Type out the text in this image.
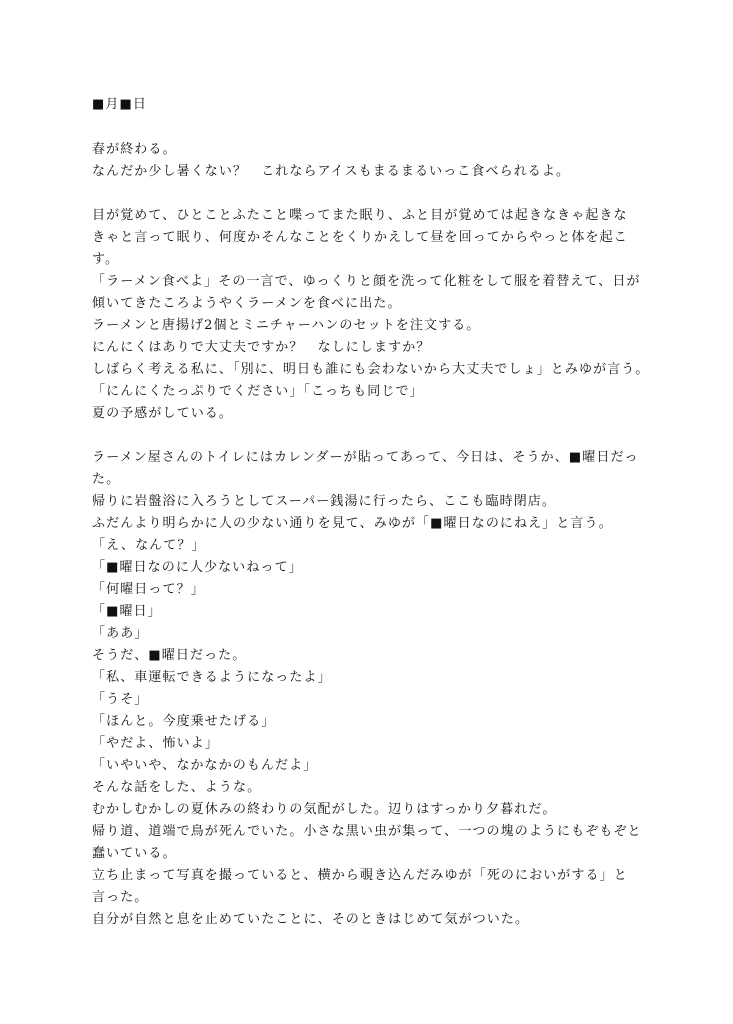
■月■日
春が終わる。
なんだか少し暑くない？　これならアイスもまるまるいっこ食べられるよ。
目が覚めて、ひとことふたこと喋ってまた眠り、ふと目が覚めては起きなきゃ起きな
きゃと言って眠り、何度かそんなことをくりかえして昼を回ってからやっと体を起こ
す。
「ラーメン食べよ」その一言で、ゆっくりと顔を洗って化粧をして服を着替えて、日が
傾いてきたころようやくラーメンを食べに出た。
ラーメンと唐揚げ2個とミニチャーハンのセットを注文する。
にんにくはありで大丈夫ですか？　なしにしますか？
しばらく考える私に、「別に、明日も誰にも会わないから大丈夫でしょ」とみゆが言う。
「にんにくたっぷりでください」「こっちも同じで」
夏の予感がしている。
ラーメン屋さんのトイレにはカレンダーが貼ってあって、今日は、そうか、■曜日だっ
た。
帰りに岩盤浴に入ろうとしてスーパー銭湯に行ったら、ここも臨時閉店。
ふだんより明らかに人の少ない通りを見て、みゆが「■曜日なのにねえ」と言う。
「え、なんて？」
「■曜日なのに人少ないねって」
「何曜日って？」
「■曜日」
「ああ」
そうだ、■曜日だった。
「私、車運転できるようになったよ」
「うそ」
「ほんと。今度乗せたげる」
「やだよ、怖いよ」
「いやいや、なかなかのもんだよ」
そんな話をした、ような。
むかしむかしの夏休みの終わりの気配がした。辺りはすっかり夕暮れだ。
帰り道、道端で鳥が死んでいた。小さな黒い虫が集って、一つの塊のようにもぞもぞと
蠢いている。
立ち止まって写真を撮っていると、横から覗き込んだみゆが「死のにおいがする」と
言った。
自分が自然と息を止めていたことに、そのときはじめて気がついた。
